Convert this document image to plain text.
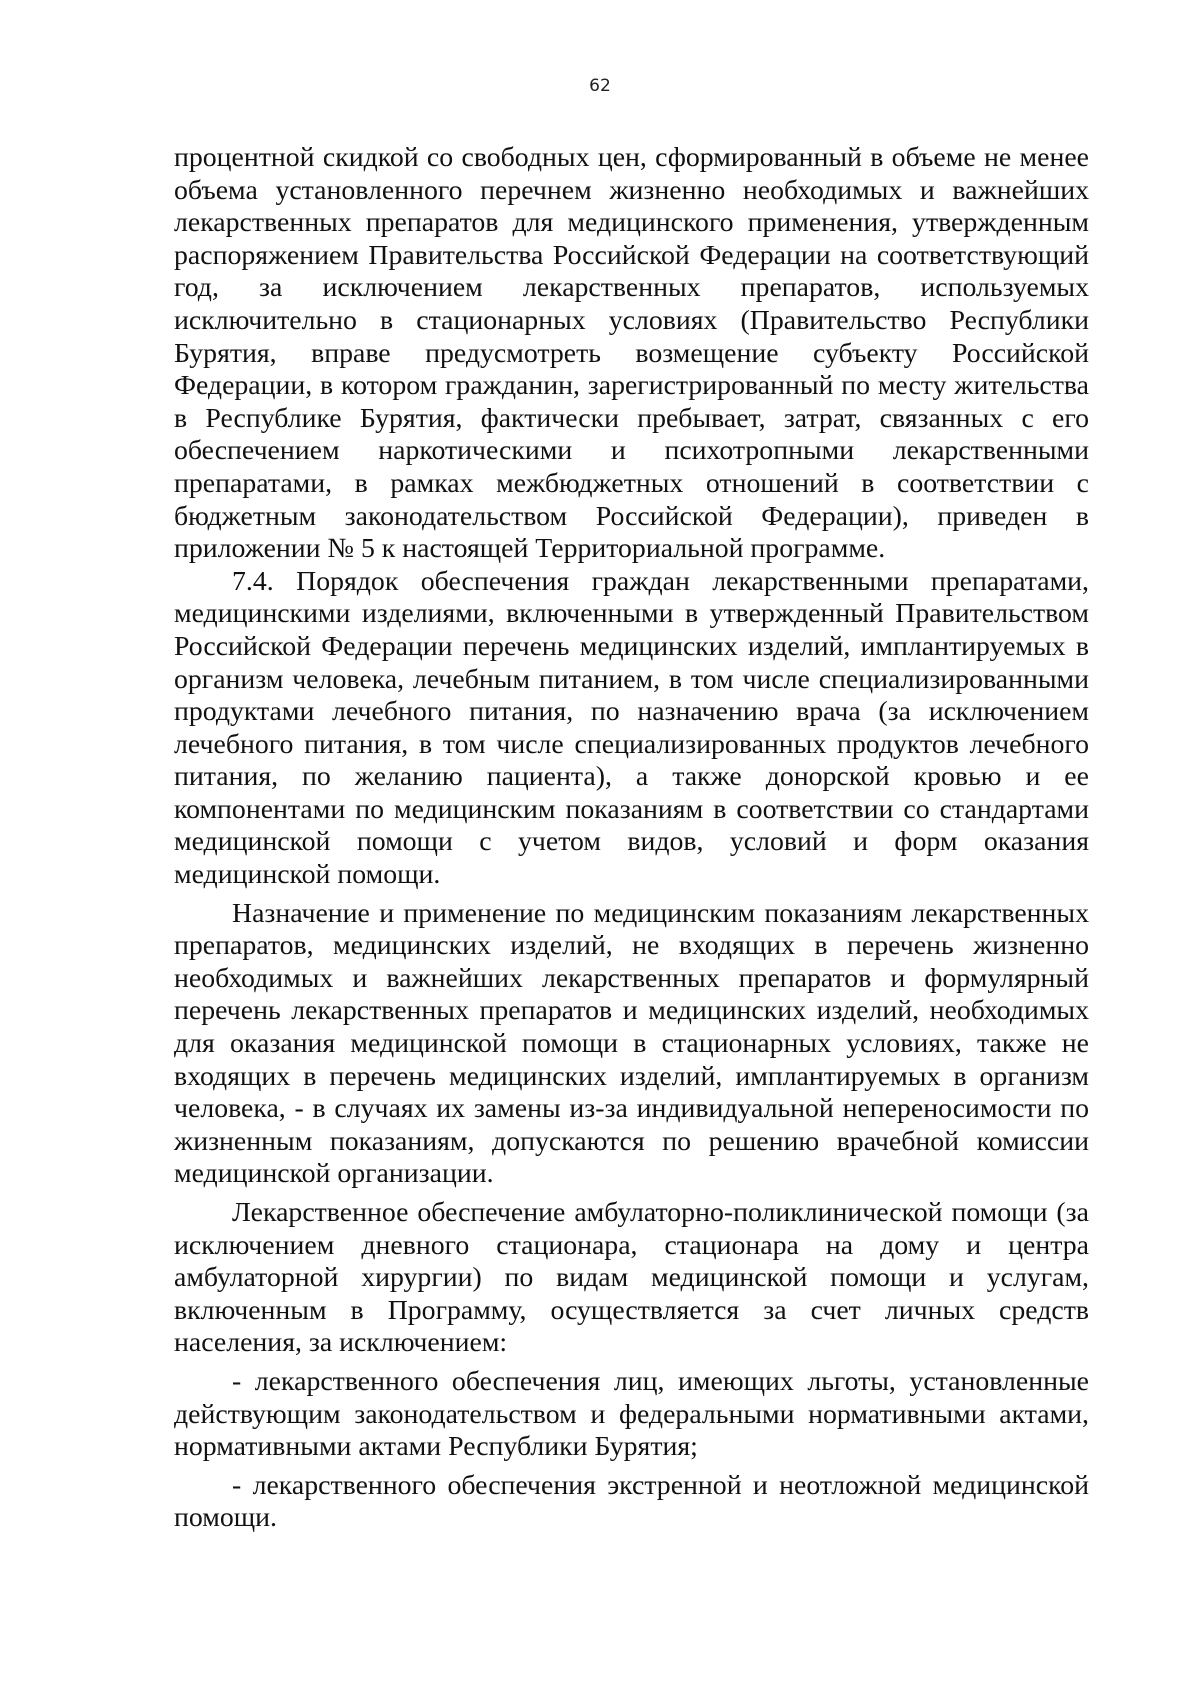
62

процентной скидкой со свободных цен, сформированный в объеме не менее объема установленного перечнем жизненно необходимых и важнейших лекарственных препаратов для медицинского применения, утвержденным распоряжением Правительства Российской Федерации на соответствующий год, за исключением лекарственных препаратов, используемых исключительно в стационарных условиях (Правительство Республики Бурятия, вправе предусмотреть возмещение субъекту Российской Федерации, в котором гражданин, зарегистрированный по месту жительства в Республике Бурятия, фактически пребывает, затрат, связанных с его обеспечением наркотическими и психотропными лекарственными препаратами, в рамках межбюджетных отношений в соответствии с бюджетным законодательством Российской Федерации), приведен в приложении № 5 к настоящей Территориальной программе.

7.4. Порядок обеспечения граждан лекарственными препаратами, медицинскими изделиями, включенными в утвержденный Правительством Российской Федерации перечень медицинских изделий, имплантируемых в организм человека, лечебным питанием, в том числе специализированными продуктами лечебного питания, по назначению врача (за исключением лечебного питания, в том числе специализированных продуктов лечебного питания, по желанию пациента), а также донорской кровью и ее компонентами по медицинским показаниям в соответствии со стандартами медицинской помощи с учетом видов, условий и форм оказания медицинской помощи.

Назначение и применение по медицинским показаниям лекарственных препаратов, медицинских изделий, не входящих в перечень жизненно необходимых и важнейших лекарственных препаратов и формулярный перечень лекарственных препаратов и медицинских изделий, необходимых для оказания медицинской помощи в стационарных условиях, также не входящих в перечень медицинских изделий, имплантируемых в организм человека, - в случаях их замены из-за индивидуальной непереносимости по жизненным показаниям, допускаются по решению врачебной комиссии медицинской организации.

Лекарственное обеспечение амбулаторно-поликлинической помощи (за исключением дневного стационара, стационара на дому и центра амбулаторной хирургии) по видам медицинской помощи и услугам, включенным в Программу, осуществляется за счет личных средств населения, за исключением:

- лекарственного обеспечения лиц, имеющих льготы, установленные действующим законодательством и федеральными нормативными актами, нормативными актами Республики Бурятия;

- лекарственного обеспечения экстренной и неотложной медицинской помощи.
